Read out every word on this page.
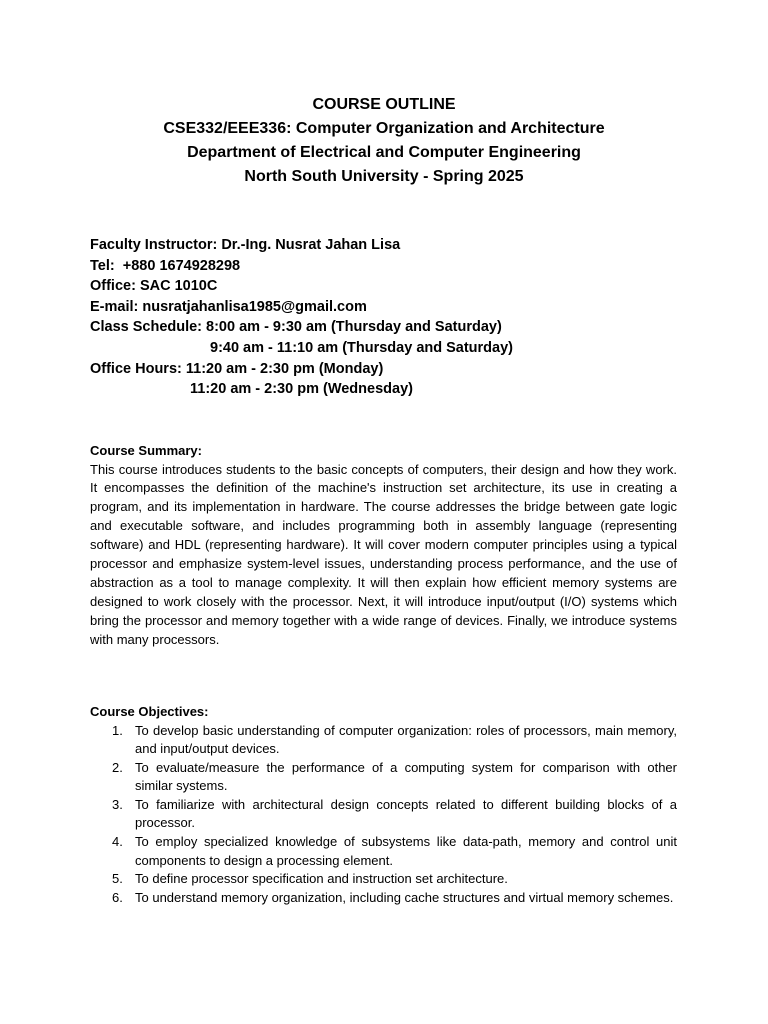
COURSE OUTLINE
CSE332/EEE336: Computer Organization and Architecture
Department of Electrical and Computer Engineering
North South University - Spring 2025
Faculty Instructor: Dr.-Ing. Nusrat Jahan Lisa
Tel:  +880 1674928298
Office: SAC 1010C
E-mail: nusratjahanlisa1985@gmail.com
Class Schedule: 8:00 am - 9:30 am (Thursday and Saturday)
9:40 am - 11:10 am (Thursday and Saturday)
Office Hours: 11:20 am - 2:30 pm (Monday)
11:20 am - 2:30 pm (Wednesday)
Course Summary:

This course introduces students to the basic concepts of computers, their design and how they work. It encompasses the definition of the machine's instruction set architecture, its use in creating a program, and its implementation in hardware. The course addresses the bridge between gate logic and executable software, and includes programming both in assembly language (representing software) and HDL (representing hardware). It will cover modern computer principles using a typical processor and emphasize system-level issues, understanding process performance, and the use of abstraction as a tool to manage complexity. It will then explain how efficient memory systems are designed to work closely with the processor. Next, it will introduce input/output (I/O) systems which bring the processor and memory together with a wide range of devices. Finally, we introduce systems with many processors.

Course Objectives:
1. To develop basic understanding of computer organization: roles of processors, main memory, and input/output devices.
2. To evaluate/measure the performance of a computing system for comparison with other similar systems.
3. To familiarize with architectural design concepts related to different building blocks of a processor.
4. To employ specialized knowledge of subsystems like data-path, memory and control unit components to design a processing element.
5. To define processor specification and instruction set architecture.
6. To understand memory organization, including cache structures and virtual memory schemes.
